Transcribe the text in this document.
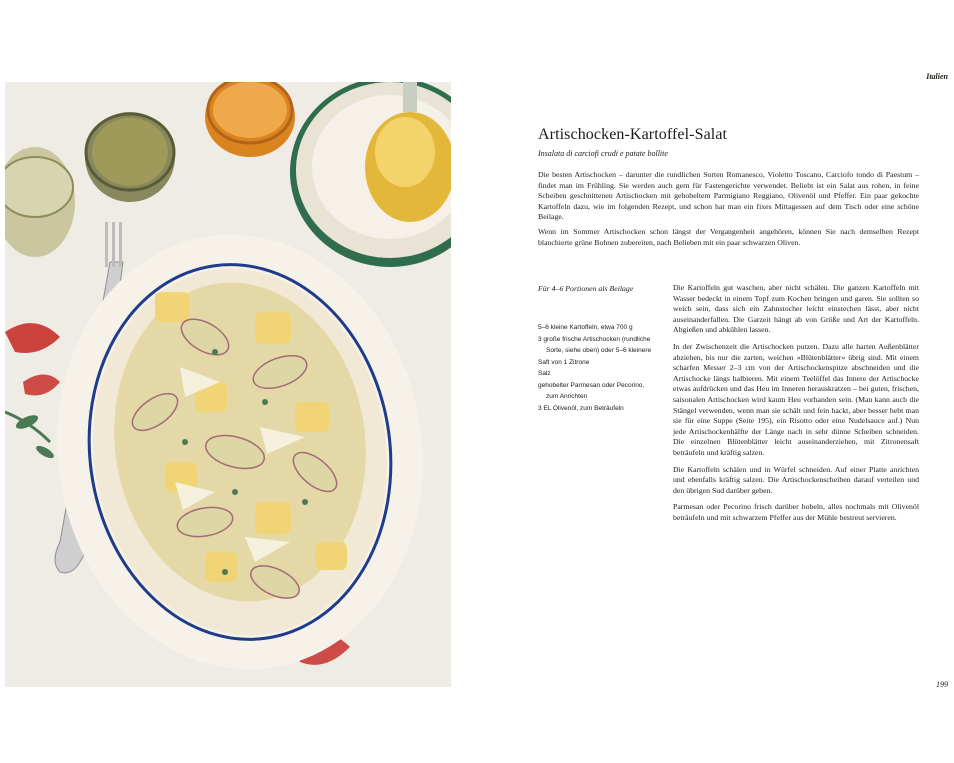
Italien
Artischocken-Kartoffel-Salat
Insalata di carciofi crudi e patate bollite

Die besten Artischocken – darunter die rundlichen Sorten Romanesco, Violetto Toscano, Carciofo tondo di Paestum – findet man im Frühling. Sie werden auch gern für Fastengerichte verwendet. Beliebt ist ein Salat aus rohen, in feine Scheiben geschnittenen Artischocken mit gehobeltem Parmigiano Reggiano, Olivenöl und Pfeffer. Ein paar gekochte Kartoffeln dazu, wie im folgenden Rezept, und schon hat man ein fixes Mittagessen auf dem Tisch oder eine schöne Beilage.

Wenn im Sommer Artischocken schon längst der Vergangenheit angehören, können Sie nach demselben Rezept blanchierte grüne Bohnen zubereiten, nach Belieben mit ein paar schwarzen Oliven.

Für 4–6 Portionen als Beilage
5–6 kleine Kartoffeln, etwa 700 g
3 große frische Artischocken (rundliche Sorte, siehe oben) oder 5–6 kleinere
Saft von 1 Zitrone
Salz
gehobelter Parmesan oder Pecorino, zum Anrichten
3 EL Olivenöl, zum Beträufeln

Die Kartoffeln gut waschen, aber nicht schälen. Die ganzen Kartoffeln mit Wasser bedeckt in einem Topf zum Kochen bringen und garen. Sie sollten so weich sein, dass sich ein Zahnstocher leicht einstechen lässt, aber nicht auseinanderfallen. Die Garzeit hängt ab von Größe und Art der Kartoffeln. Abgießen und abkühlen lassen.

In der Zwischenzeit die Artischocken putzen. Dazu alle harten Außenblätter abziehen, bis nur die zarten, weichen »Blütenblätter« übrig sind. Mit einem scharfen Messer 2–3 cm von der Artischockenspitze abschneiden und die Artischocke längs halbieren. Mit einem Teelöffel das Innere der Artischocke etwas aufdrücken und das Heu im Inneren herauskratzen – bei guten, frischen, saisonalen Artischocken wird kaum Heu vorhanden sein. (Man kann auch die Stängel verwenden, wenn man sie schält und fein hackt, aber besser hebt man sie für eine Suppe (Seite 195), ein Risotto oder eine Nudelsauce auf.) Nun jede Artischockenhälfte der Länge nach in sehr dünne Scheiben schneiden. Die einzelnen Blütenblätter leicht auseinanderziehen, mit Zitronensaft beträufeln und kräftig salzen.

Die Kartoffeln schälen und in Würfel schneiden. Auf einer Platte anrichten und ebenfalls kräftig salzen. Die Artischockenscheiben darauf verteilen und den übrigen Sud darüber geben.

Parmesan oder Pecorino frisch darüber hobeln, alles nochmals mit Olivenöl beträufeln und mit schwarzem Pfeffer aus der Mühle bestreut servieren.

199
